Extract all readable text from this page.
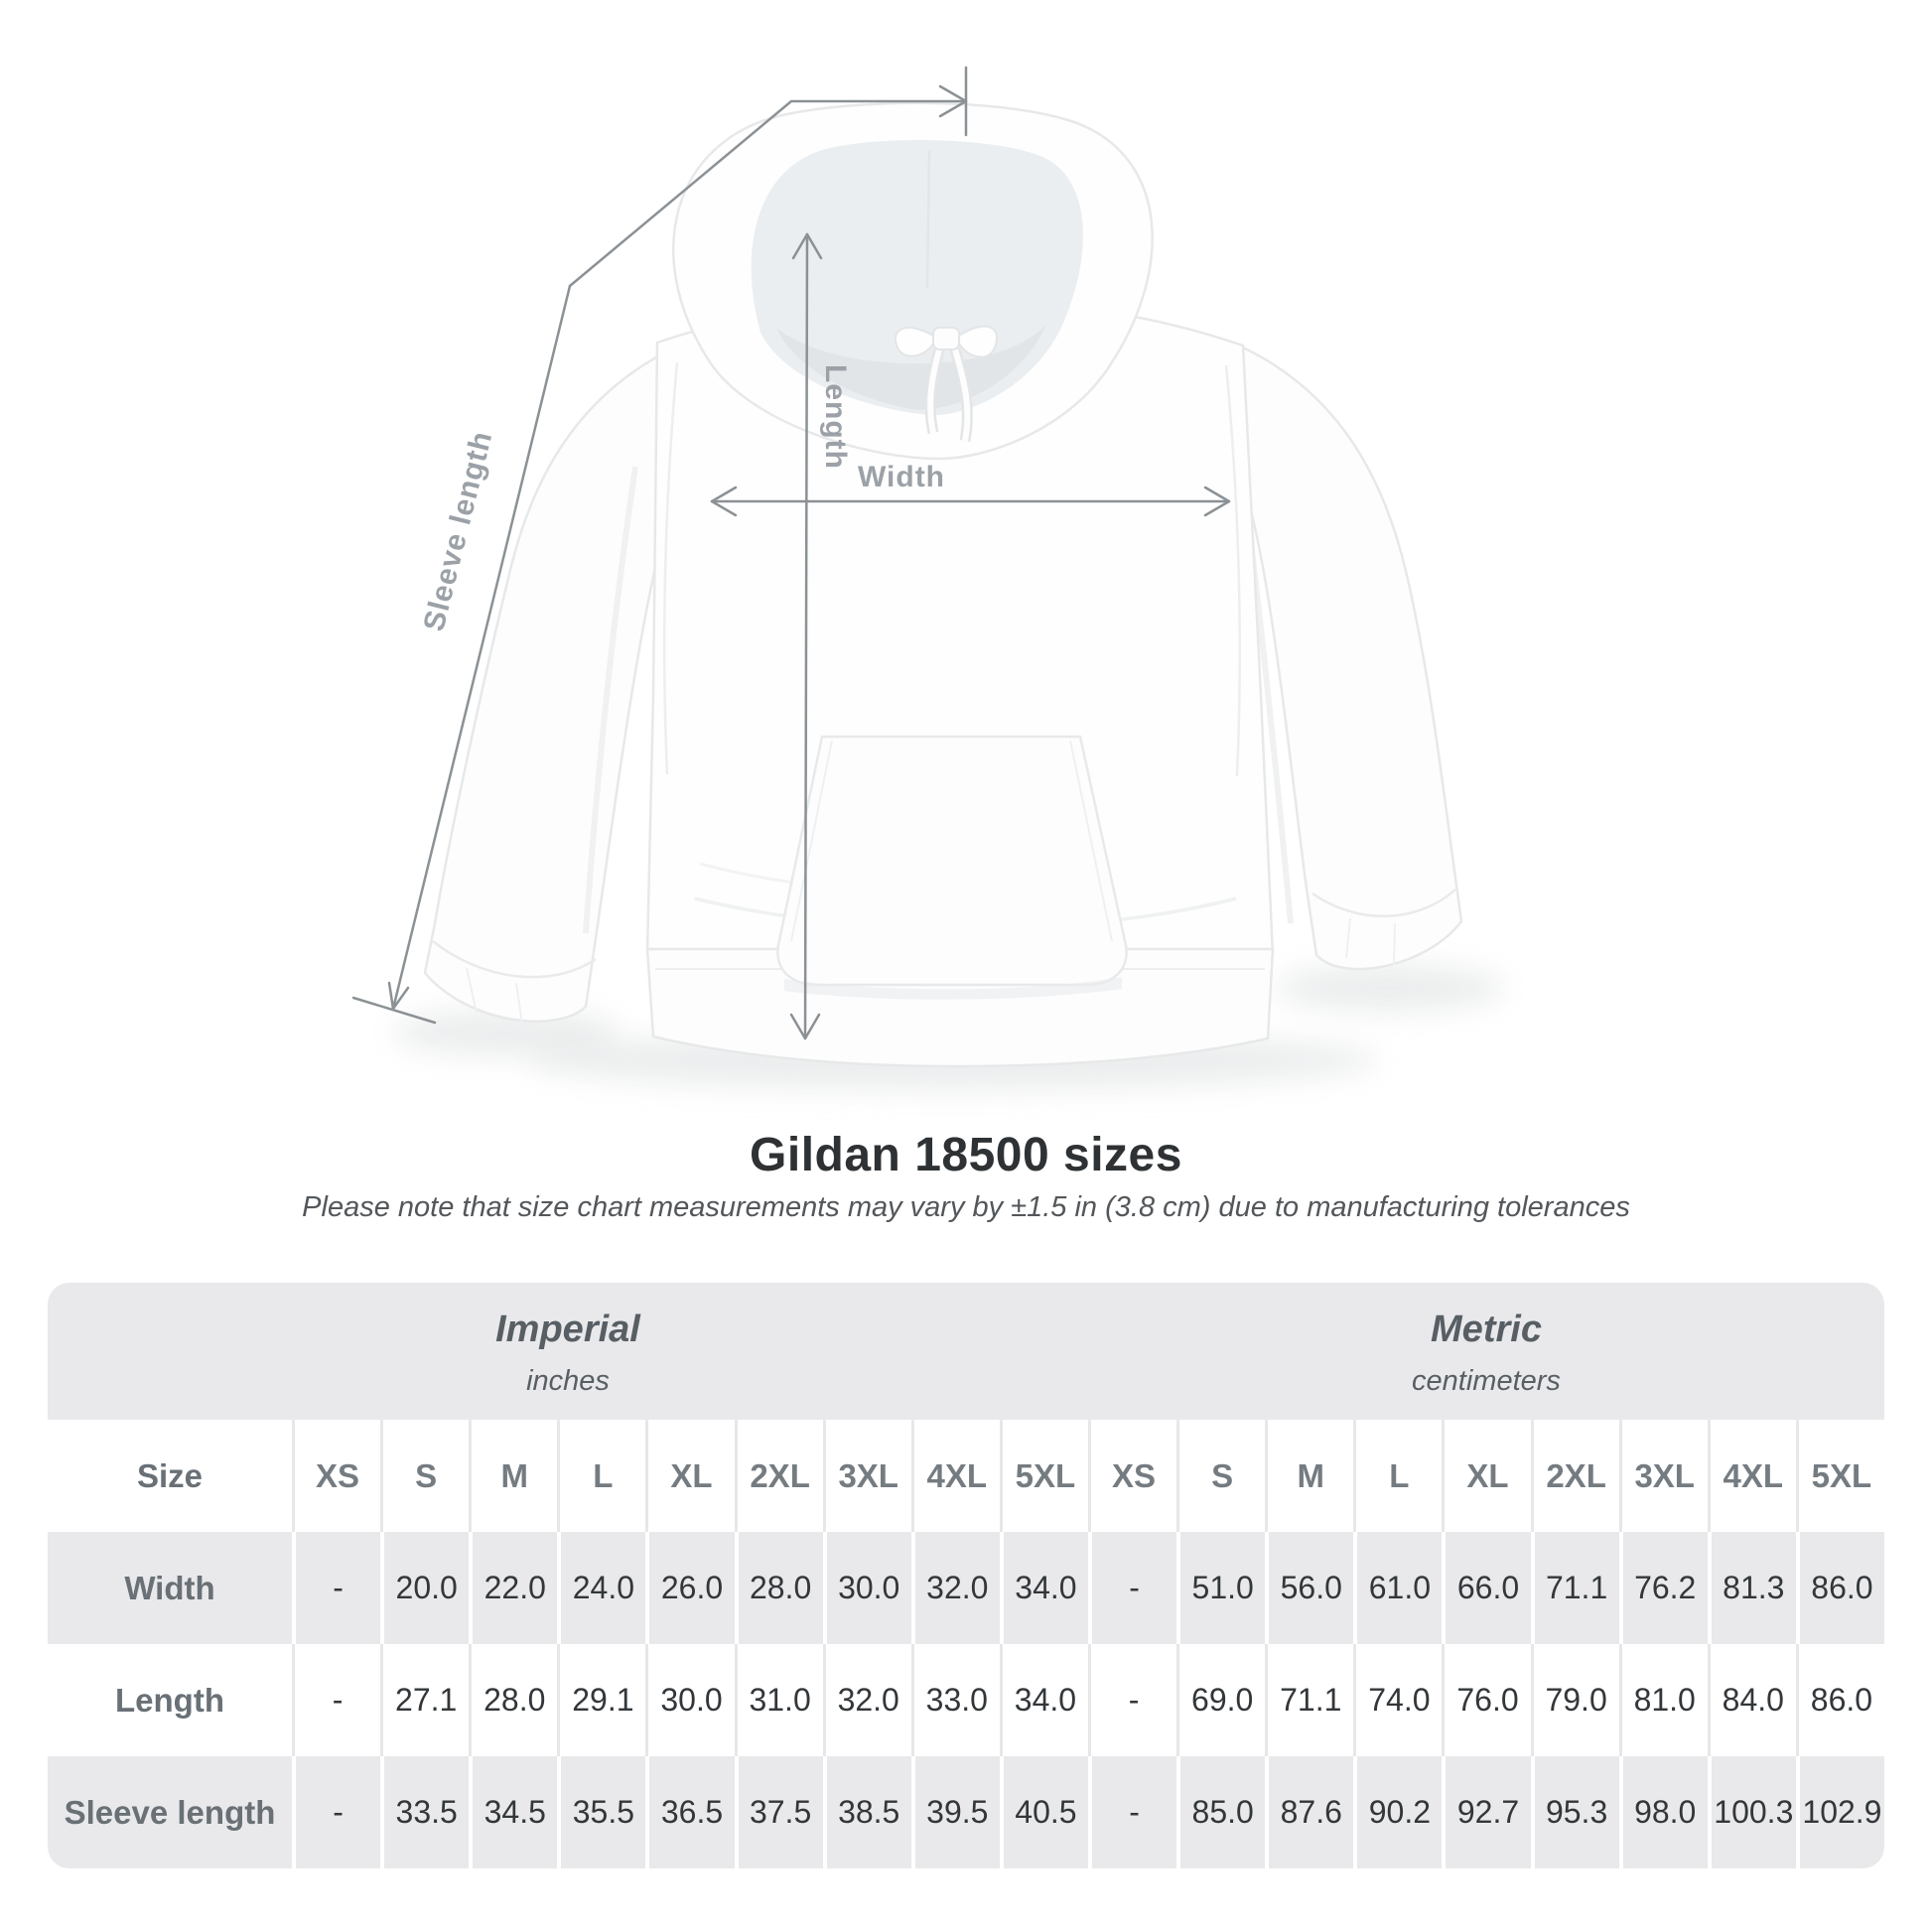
Length
Width
Sleeve length
Gildan 18500 sizes
Please note that size chart measurements may vary by ±1.5 in (3.8 cm) due to manufacturing tolerances
Imperial
inches
Metric
centimeters
Size	XS	S	M	L	XL	2XL 3XL 4XL 5XL	XS	S	M	L	XL	2XL 3XL 4XL 5XL
Width	-	20.0 22.0 24.0 26.0 28.0 30.0 32.0 34.0	-	51.0 56.0 61.0 66.0 71.1 76.2 81.3 86.0
Length	-	27.1 28.0 29.1 30.0 31.0 32.0 33.0 34.0	-	69.0 71.1 74.0 76.0 79.0 81.0 84.0 86.0
Sleeve length	-	33.5 34.5 35.5 36.5 37.5 38.5 39.5 40.5	-	85.0 87.6 90.2 92.7 95.3 98.0 100.3 102.9
